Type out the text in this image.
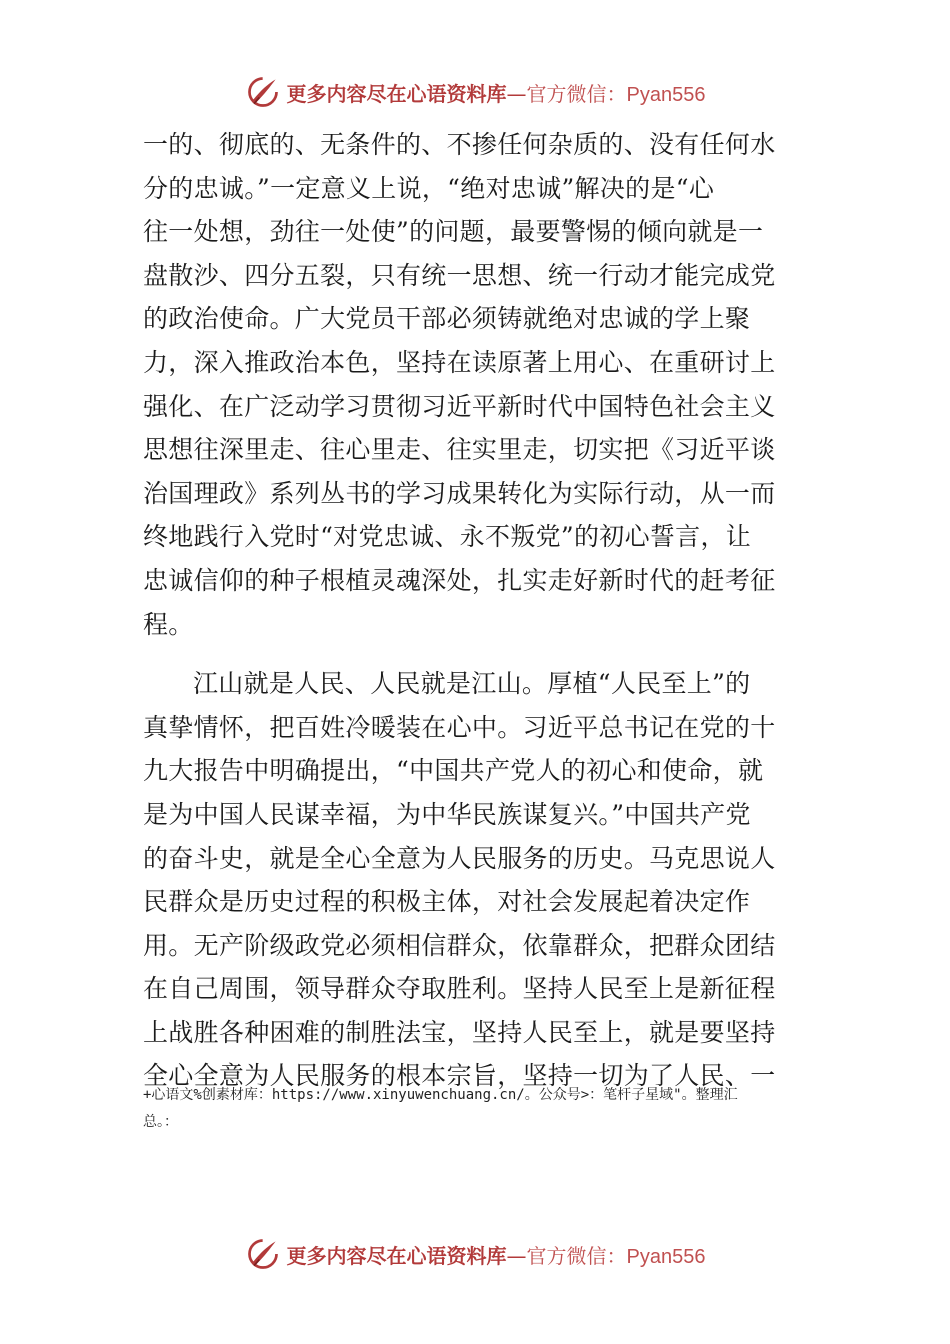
更多内容尽在心语资料库—官方微信：Pyan556
一的、彻底的、无条件的、不掺任何杂质的、没有任何水
分的忠诚。”一定意义上说，“绝对忠诚”解决的是“心
往一处想，劲往一处使”的问题，最要警惕的倾向就是一
盘散沙、四分五裂，只有统一思想、统一行动才能完成党
的政治使命。广大党员干部必须铸就绝对忠诚的学上聚
力，深入推政治本色，坚持在读原著上用心、在重研讨上
强化、在广泛动学习贯彻习近平新时代中国特色社会主义
思想往深里走、往心里走、往实里走，切实把《习近平谈
治国理政》系列丛书的学习成果转化为实际行动，从一而
终地践行入党时“对党忠诚、永不叛党”的初心誓言，让
忠诚信仰的种子根植灵魂深处，扎实走好新时代的赶考征
程。
江山就是人民、人民就是江山。厚植“人民至上”的
真挚情怀，把百姓冷暖装在心中。习近平总书记在党的十
九大报告中明确提出，“中国共产党人的初心和使命，就
是为中国人民谋幸福，为中华民族谋复兴。”中国共产党
的奋斗史，就是全心全意为人民服务的历史。马克思说人
民群众是历史过程的积极主体，对社会发展起着决定作
用。无产阶级政党必须相信群众，依靠群众，把群众团结
在自己周围，领导群众夺取胜利。坚持人民至上是新征程
上战胜各种困难的制胜法宝，坚持人民至上，就是要坚持
全心全意为人民服务的根本宗旨，坚持一切为了人民、一
+心语文%创素材库：https://www.xinyuwenchuang.cn/。公众号>：笔杆子星域"。整理汇
总。：
更多内容尽在心语资料库—官方微信：Pyan556
